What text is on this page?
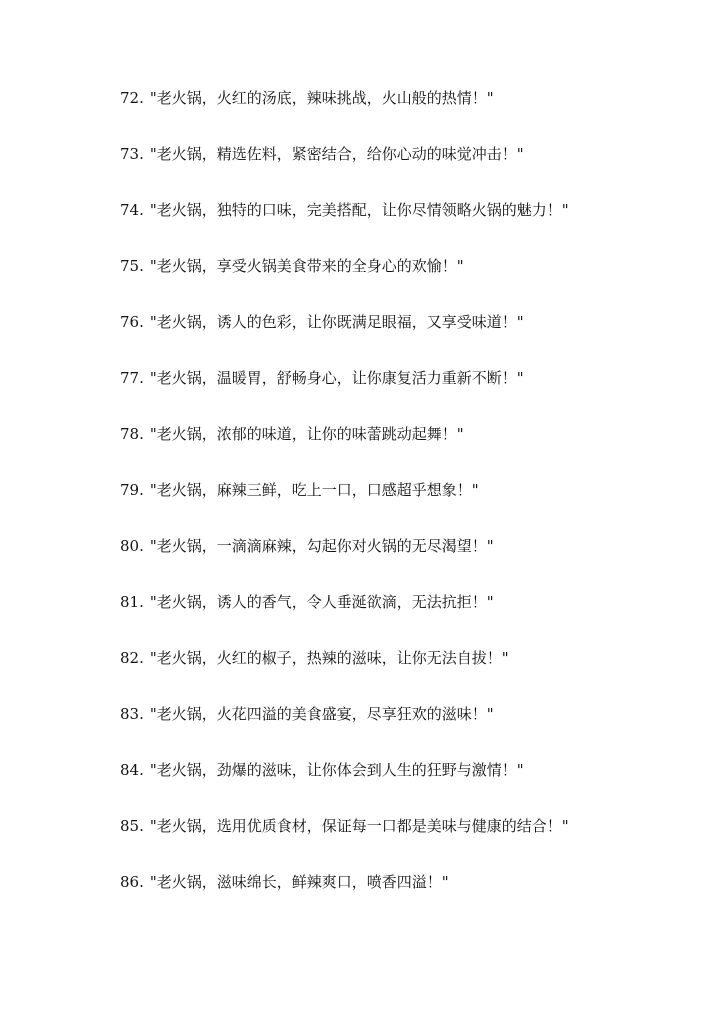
72. "老火锅，火红的汤底，辣味挑战，火山般的热情！"
73. "老火锅，精选佐料，紧密结合，给你心动的味觉冲击！"
74. "老火锅，独特的口味，完美搭配，让你尽情领略火锅的魅力！"
75. "老火锅，享受火锅美食带来的全身心的欢愉！"
76. "老火锅，诱人的色彩，让你既满足眼福，又享受味道！"
77. "老火锅，温暖胃，舒畅身心，让你康复活力重新不断！"
78. "老火锅，浓郁的味道，让你的味蕾跳动起舞！"
79. "老火锅，麻辣三鲜，吃上一口，口感超乎想象！"
80. "老火锅，一滴滴麻辣，勾起你对火锅的无尽渴望！"
81. "老火锅，诱人的香气，令人垂涎欲滴，无法抗拒！"
82. "老火锅，火红的椒子，热辣的滋味，让你无法自拔！"
83. "老火锅，火花四溢的美食盛宴，尽享狂欢的滋味！"
84. "老火锅，劲爆的滋味，让你体会到人生的狂野与激情！"
85. "老火锅，选用优质食材，保证每一口都是美味与健康的结合！"
86. "老火锅，滋味绵长，鲜辣爽口，喷香四溢！"
